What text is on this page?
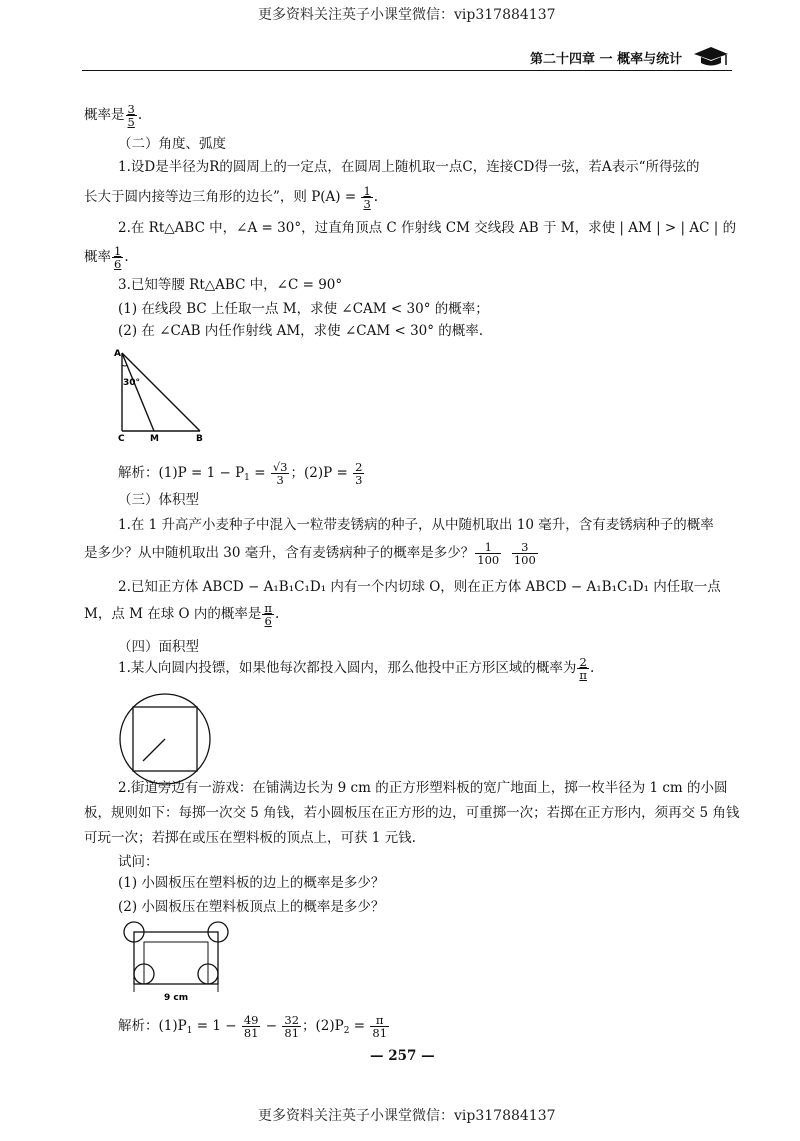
更多资料关注英子小课堂微信：vip317884137
第二十四章 一 概率与统计
概率是 $\frac{3}{5}$ .
（二）角度、弧度
1.设D是半径为R的圆周上的一定点，在圆周上随机取一点C，连接CD得一弦，若A表示“所得弦的
长大于圆内接等边三角形的边长”，则 $P(A) = \frac{1}{3}$ .
2.在 Rt△ABC 中，∠A = 30°，过直角顶点 C 作射线 CM 交线段 AB 于 M，求使 | AM | > | AC | 的
概率 $\frac{1}{6}$ .
3.已知等腰 Rt△ABC 中，∠C = 90°
(1) 在线段 BC 上任取一点 M，求使 ∠CAM < 30° 的概率；
(2) 在 ∠CAB 内任作射线 AM，求使 ∠CAM < 30° 的概率.
A
30°
C	M	B
解析：$(1)P = 1 - P_1 = \frac{√3}{3}$ ；$(2)P = \frac{2}{3}$
（三）体积型
1.在 1 升高产小麦种子中混入一粒带麦锈病的种子，从中随机取出 10 毫升，含有麦锈病种子的概率
是多少？从中随机取出 30 毫升，含有麦锈病种子的概率是多少？ $\frac{1}{100}$
$\frac{3}{100}$
2.已知正方体 ABCD − A₁B₁C₁D₁ 内有一个内切球 O，则在正方体 ABCD − A₁B₁C₁D₁ 内任取一点
M，点 M 在球 O 内的概率是 $\frac{\pi}{6}$ .
（四）面积型
1.某人向圆内投镖，如果他每次都投入圆内，那么他投中正方形区域的概率为 $\frac{2}{\pi}$ .
2.街道旁边有一游戏：在铺满边长为 9 cm 的正方形塑料板的宽广地面上，掷一枚半径为 1 cm 的小圆
板，规则如下：每掷一次交 5 角钱，若小圆板压在正方形的边，可重掷一次；若掷在正方形内，须再交 5 角钱
可玩一次；若掷在或压在塑料板的顶点上，可获 1 元钱.
试问：
(1) 小圆板压在塑料板的边上的概率是多少？
(2) 小圆板压在塑料板顶点上的概率是多少？
9 cm
解析：$(1)P_1 = 1 - \frac{49}{81} - \frac{32}{81}$ ；$(2)P_2 = \frac{\pi}{81}$
— 257 —
更多资料关注英子小课堂微信：vip317884137
